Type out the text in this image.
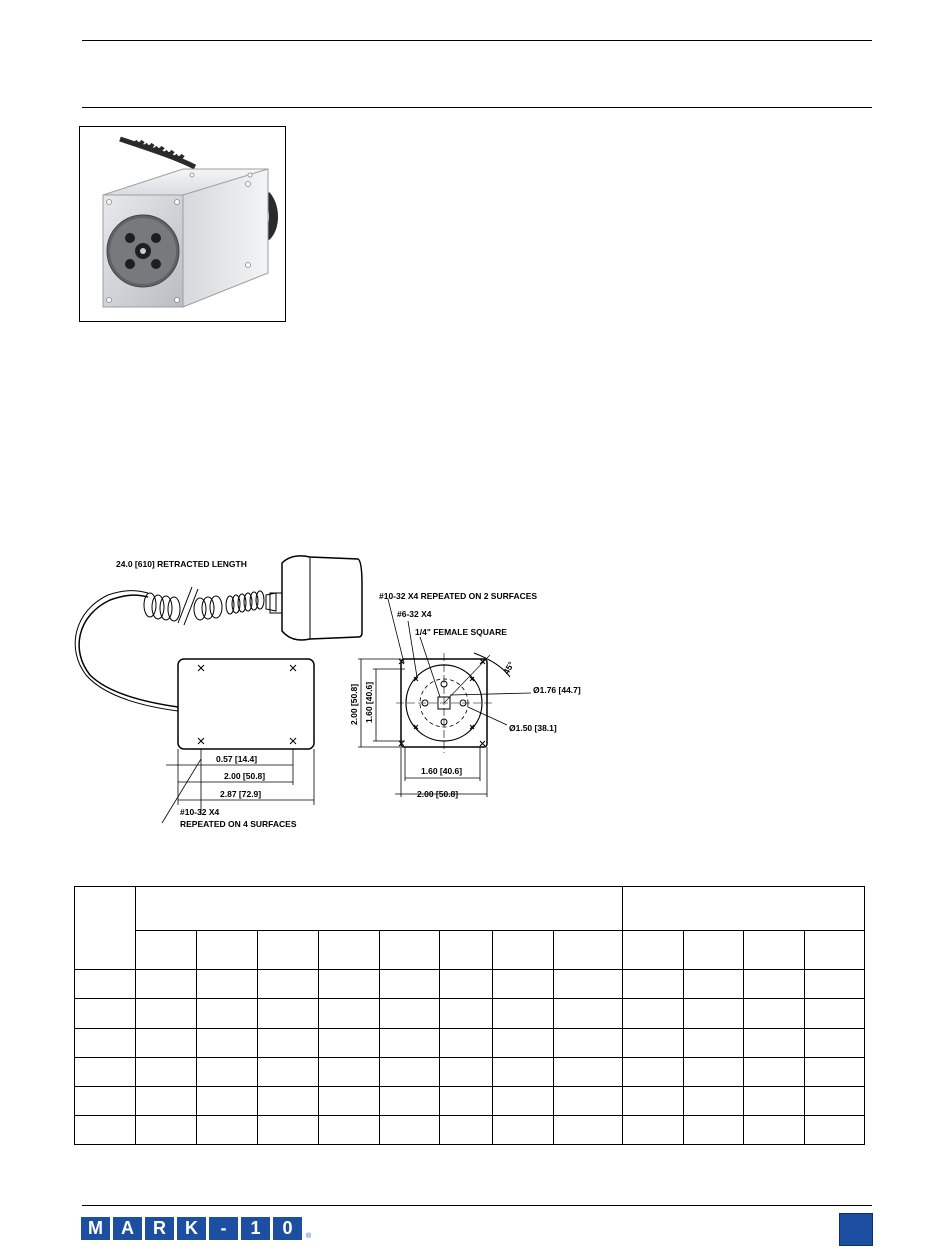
24.0 [610] RETRACTED LENGTH
0.57 [14.4]
2.00 [50.8]
2.87 [72.9]
#10-32 X4
REPEATED ON 4 SURFACES
#10-32 X4 REPEATED ON 2 SURFACES
#6-32 X4
1/4" FEMALE SQUARE
45°
Ø1.76 [44.7]
Ø1.50 [38.1]
2.00 [50.8] 1.60 [40.6]
1.60 [40.6]
2.00 [50.8]

M	A	R	K	-	1	0	®
